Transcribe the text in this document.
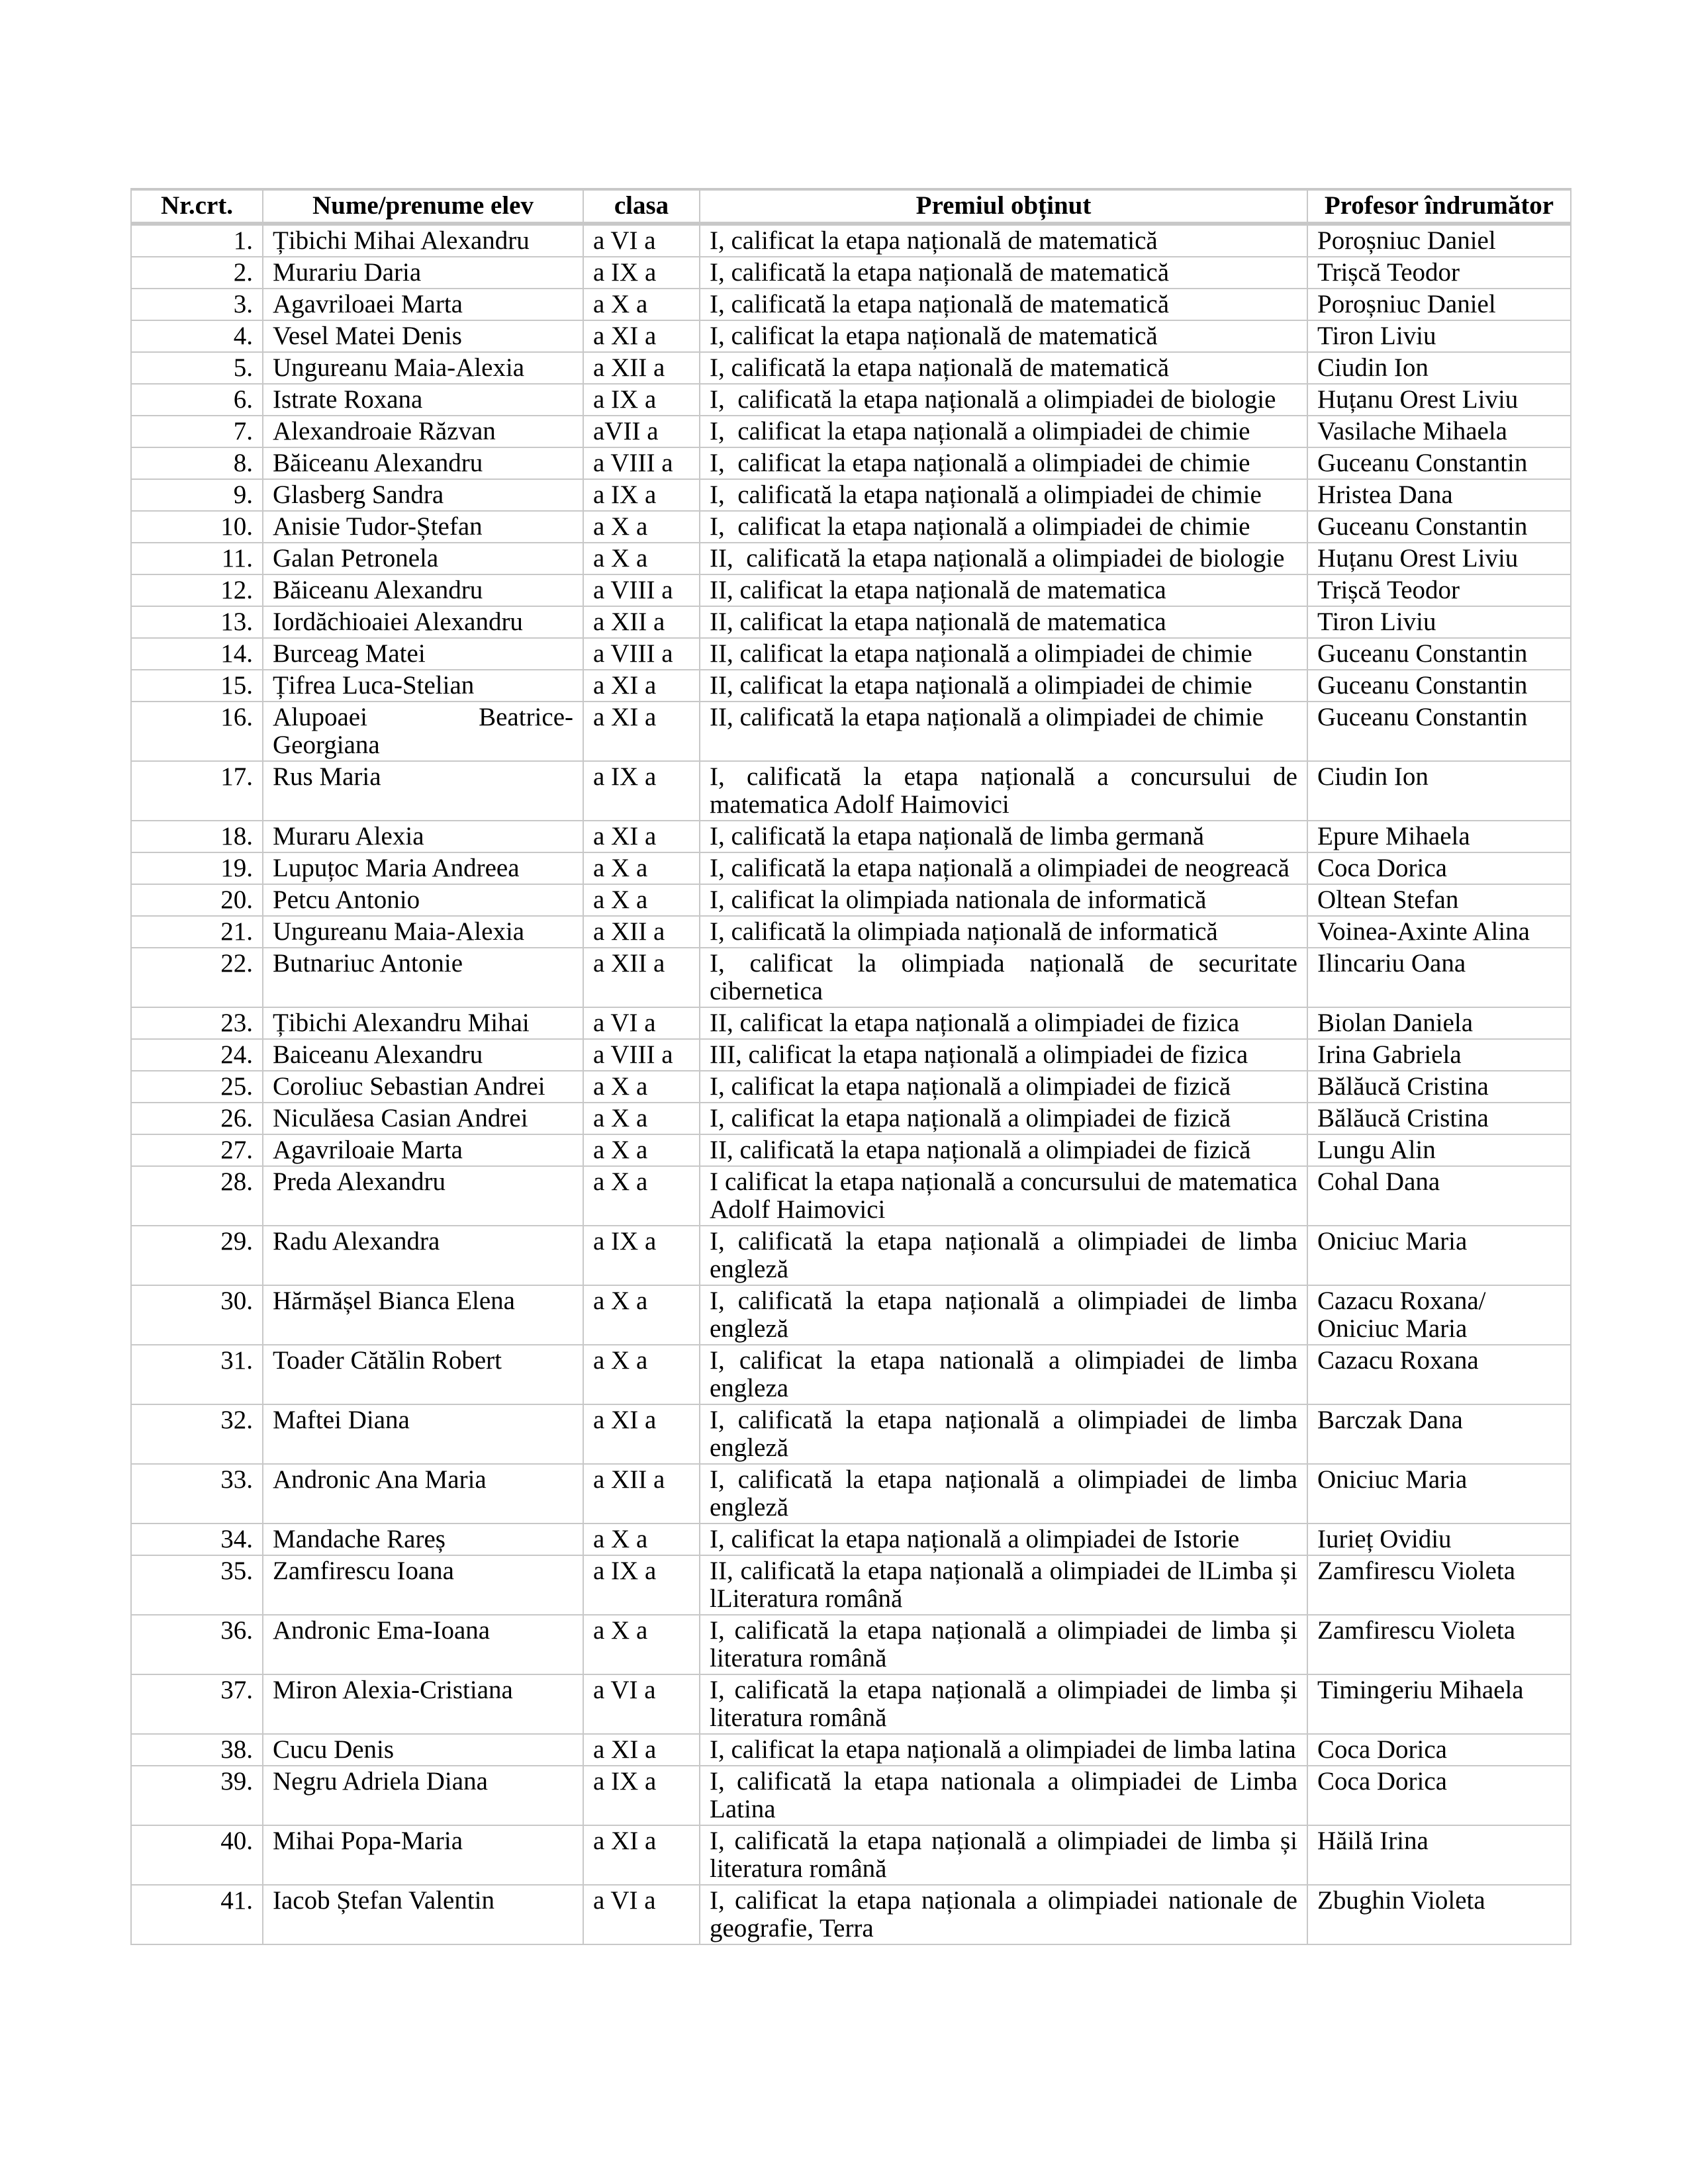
Nr.crt.	Nume/prenume elev	clasa	Premiul obținut	Profesor îndrumător
1.	Țibichi Mihai Alexandru	a VI a	I, calificat la etapa națională de matematică	Poroșniuc Daniel
2.	Murariu Daria	a IX a	I, calificată la etapa națională de matematică	Trișcă Teodor
3.	Agavriloaei Marta	a X a	I, calificată la etapa națională de matematică	Poroșniuc Daniel
4.	Vesel Matei Denis	a XI a	I, calificat la etapa națională de matematică	Tiron Liviu
5.	Ungureanu Maia-Alexia	a XII a	I, calificată la etapa națională de matematică	Ciudin Ion
6.	Istrate Roxana	a IX a	I,  calificată la etapa națională a olimpiadei de biologie	Huțanu Orest Liviu
7.	Alexandroaie Răzvan	aVII a	I,  calificat la etapa națională a olimpiadei de chimie	Vasilache Mihaela
8.	Băiceanu Alexandru	a VIII a	I,  calificat la etapa națională a olimpiadei de chimie	Guceanu Constantin
9.	Glasberg Sandra	a IX a	I,  calificată la etapa națională a olimpiadei de chimie	Hristea Dana
10.	Anisie Tudor-Ștefan	a X a	I,  calificat la etapa națională a olimpiadei de chimie	Guceanu Constantin
11.	Galan Petronela	a X a	II,  calificată la etapa națională a olimpiadei de biologie	Huțanu Orest Liviu
12.	Băiceanu Alexandru	a VIII a	II, calificat la etapa națională de matematica	Trișcă Teodor
13.	Iordăchioaiei Alexandru	a XII a	II, calificat la etapa națională de matematica	Tiron Liviu
14.	Burceag Matei	a VIII a	II, calificat la etapa națională a olimpiadei de chimie	Guceanu Constantin
15.	Țifrea Luca-Stelian	a XI a	II, calificat la etapa națională a olimpiadei de chimie	Guceanu Constantin
16.	Alupoaei Beatrice-Georgiana	a XI a	II, calificată la etapa națională a olimpiadei de chimie	Guceanu Constantin
17.	Rus Maria	a IX a	I, calificată la etapa națională a concursului de matematica Adolf Haimovici	Ciudin Ion
18.	Muraru Alexia	a XI a	I, calificată la etapa națională de limba germană	Epure Mihaela
19.	Lupuțoc Maria Andreea	a X a	I, calificată la etapa națională a olimpiadei de neogreacă	Coca Dorica
20.	Petcu Antonio	a X a	I, calificat la olimpiada nationala de informatică	Oltean Stefan
21.	Ungureanu Maia-Alexia	a XII a	I, calificată la olimpiada națională de informatică	Voinea-Axinte Alina
22.	Butnariuc Antonie	a XII a	I, calificat la olimpiada națională de securitate cibernetica	Ilincariu Oana
23.	Țibichi Alexandru Mihai	a VI a	II, calificat la etapa națională a olimpiadei de fizica	Biolan Daniela
24.	Baiceanu Alexandru	a VIII a	III, calificat la etapa națională a olimpiadei de fizica	Irina Gabriela
25.	Coroliuc Sebastian Andrei	a X a	I, calificat la etapa națională a olimpiadei de fizică	Bălăucă Cristina
26.	Niculăesa Casian Andrei	a X a	I, calificat la etapa națională a olimpiadei de fizică	Bălăucă Cristina
27.	Agavriloaie Marta	a X a	II, calificată la etapa națională a olimpiadei de fizică	Lungu Alin
28.	Preda Alexandru	a X a	I calificat la etapa națională a concursului de matematica Adolf Haimovici	Cohal Dana
29.	Radu Alexandra	a IX a	I, calificată la etapa națională a olimpiadei de limba engleză	Oniciuc Maria
30.	Hărmășel Bianca Elena	a X a	I, calificată la etapa națională a olimpiadei de limba engleză	Cazacu Roxana/ Oniciuc Maria
31.	Toader Cătălin Robert	a X a	I, calificat la etapa natională a olimpiadei de limba engleza	Cazacu Roxana
32.	Maftei Diana	a XI a	I, calificată la etapa națională a olimpiadei de limba engleză	Barczak Dana
33.	Andronic Ana Maria	a XII a	I, calificată la etapa națională a olimpiadei de limba engleză	Oniciuc Maria
34.	Mandache Rareș	a X a	I, calificat la etapa națională a olimpiadei de Istorie	Iurieț Ovidiu
35.	Zamfirescu Ioana	a IX a	II, calificată la etapa națională a olimpiadei de lLimba și lLiteratura română	Zamfirescu Violeta
36.	Andronic Ema-Ioana	a X a	I, calificată la etapa națională a olimpiadei de limba și literatura română	Zamfirescu Violeta
37.	Miron Alexia-Cristiana	a VI a	I, calificată la etapa națională a olimpiadei de limba și literatura română	Timingeriu Mihaela
38.	Cucu Denis	a XI a	I, calificat la etapa națională a olimpiadei de limba latina	Coca Dorica
39.	Negru Adriela Diana	a IX a	I, calificată la etapa nationala a olimpiadei de Limba Latina	Coca Dorica
40.	Mihai Popa-Maria	a XI a	I, calificată la etapa națională a olimpiadei de limba și literatura română	Hăilă Irina
41.	Iacob Ștefan Valentin	a VI a	I, calificat la etapa naționala a olimpiadei nationale de geografie, Terra	Zbughin Violeta
